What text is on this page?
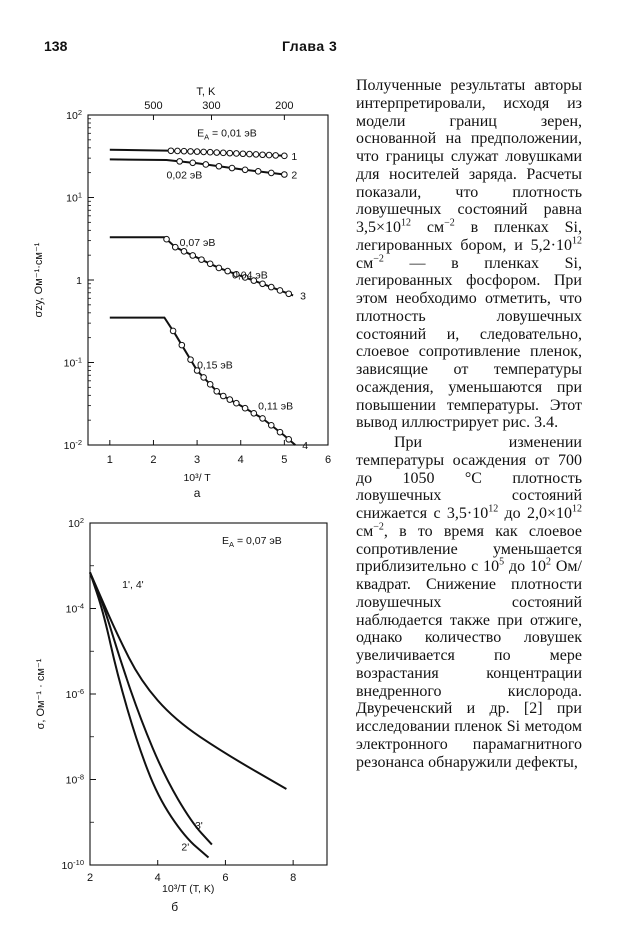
138	Глава 3
$10^2$
$10^1$
1
$10^{-1}$
$10^{-2}$
1	2	3	4	5	6
500	300	200
T, K
10³/ T
а
σzy, Ом⁻¹·см⁻¹
1
2
3
4
$E_A = 0,01$ эВ
0,02 эВ
0,07 эВ
0,04 эВ
0,15 эВ
0,11 эВ
$10^2$
$10^{-4}$
$10^{-6}$
$10^{-8}$
$10^{-10}$
2	4	6	8
10³/T (T, K)
б
σ, Ом⁻¹ · см⁻¹
1', 4'
3'
2'
$E_A = 0,07$ эВ

Полученные результаты авторы интерпретировали, исходя из модели границ зерен, основанной на предположении, что границы служат ловушками для носителей заряда. Расчеты показали, что плотность ловушечных состояний равна $3,5\times 10^{12}$ $см^{-2}$ в пленках Si, легированных бором, и $5,2\cdot 10^{12}$ $см^{-2}$ — в пленках Si, легированных фосфором. При этом необходимо отметить, что плотность ловушечных состояний и, следовательно, слоевое сопротивление пленок, зависящие от температуры осаждения, уменьшаются при повышении температуры. Этот вывод иллюстрирует рис. 3.4.

При изменении температуры осаждения от 700 до 1050 °С плотность ловушечных состояний снижается с $3,5\cdot 10^{12}$ до $2,0\times 10^{12}$ $см^{-2}$, в то время как слоевое сопротивление уменьшается приблизительно с $10^5$ до $10^2$ Ом/квадрат. Снижение плотности ловушечных состояний наблюдается также при отжиге, однако количество ловушек увеличивается по мере возрастания концентрации внедренного кислорода. Двуреченский и др. [2] при исследовании пленок Si методом электронного парамагнитного резонанса обнаружили дефекты,
